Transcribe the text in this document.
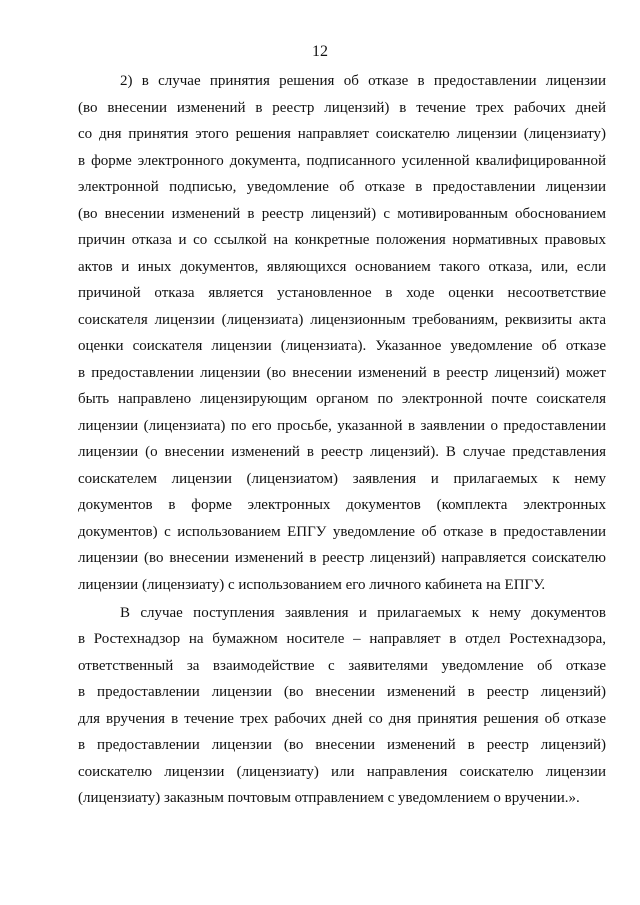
12
2) в случае принятия решения об отказе в предоставлении лицензии
(во внесении изменений в реестр лицензий) в течение трех рабочих дней
со дня принятия этого решения направляет соискателю лицензии (лицензиату)
в форме электронного документа, подписанного усиленной квалифицированной
электронной подписью, уведомление об отказе в предоставлении лицензии
(во внесении изменений в реестр лицензий) с мотивированным обоснованием
причин отказа и со ссылкой на конкретные положения нормативных правовых
актов и иных документов, являющихся основанием такого отказа, или, если
причиной отказа является установленное в ходе оценки несоответствие
соискателя лицензии (лицензиата) лицензионным требованиям, реквизиты акта
оценки соискателя лицензии (лицензиата). Указанное уведомление об отказе
в предоставлении лицензии (во внесении изменений в реестр лицензий) может
быть направлено лицензирующим органом по электронной почте соискателя
лицензии (лицензиата) по его просьбе, указанной в заявлении о предоставлении
лицензии (о внесении изменений в реестр лицензий). В случае представления
соискателем лицензии (лицензиатом) заявления и прилагаемых к нему
документов в форме электронных документов (комплекта электронных
документов) с использованием ЕПГУ уведомление об отказе в предоставлении
лицензии (во внесении изменений в реестр лицензий) направляется соискателю
лицензии (лицензиату) с использованием его личного кабинета на ЕПГУ.
В случае поступления заявления и прилагаемых к нему документов
в Ростехнадзор на бумажном носителе – направляет в отдел Ростехнадзора,
ответственный за взаимодействие с заявителями уведомление об отказе
в предоставлении лицензии (во внесении изменений в реестр лицензий)
для вручения в течение трех рабочих дней со дня принятия решения об отказе
в предоставлении лицензии (во внесении изменений в реестр лицензий)
соискателю лицензии (лицензиату) или направления соискателю лицензии
(лицензиату) заказным почтовым отправлением с уведомлением о вручении.».
